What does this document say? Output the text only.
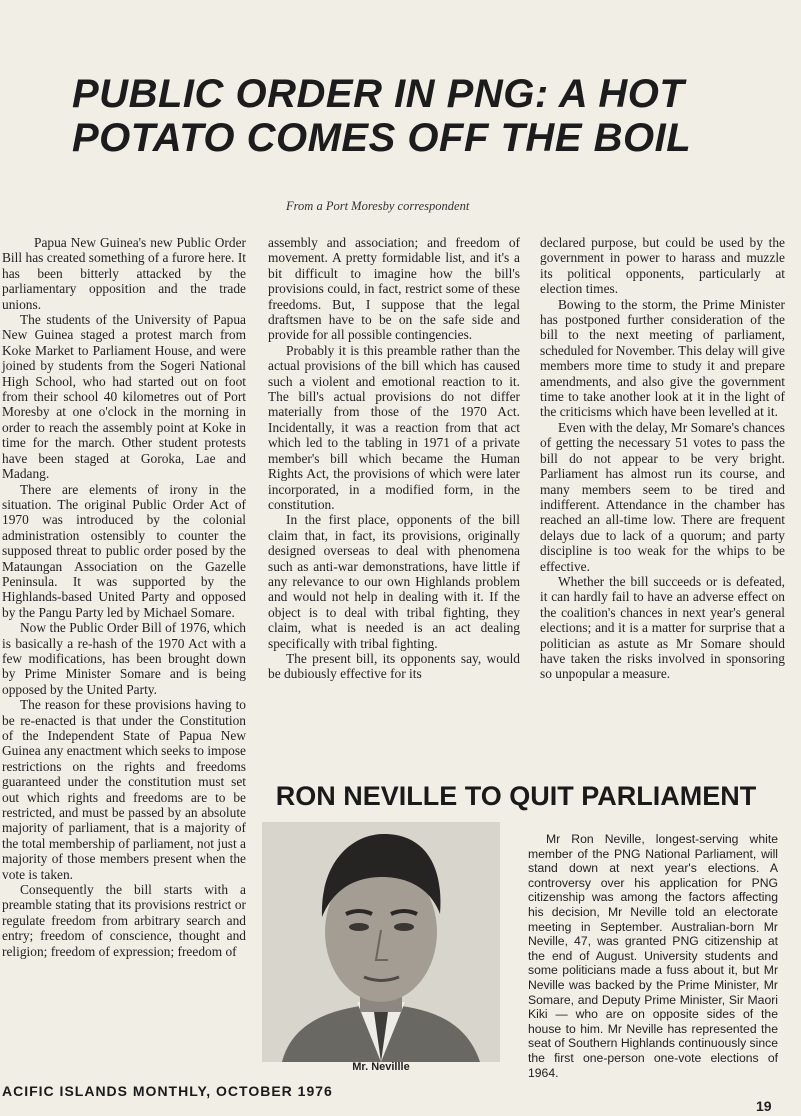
PUBLIC ORDER IN PNG: A HOT POTATO COMES OFF THE BOIL
From a Port Moresby correspondent

Papua New Guinea's new Public Order Bill has created something of a furore here. It has been bitterly attacked by the parliamentary opposition and the trade unions.

The students of the University of Papua New Guinea staged a protest march from Koke Market to Parliament House, and were joined by students from the Sogeri National High School, who had started out on foot from their school 40 kilometres out of Port Moresby at one o'clock in the morning in order to reach the assembly point at Koke in time for the march. Other student protests have been staged at Goroka, Lae and Madang.

There are elements of irony in the situation. The original Public Order Act of 1970 was introduced by the colonial administration ostensibly to counter the supposed threat to public order posed by the Mataungan Association on the Gazelle Peninsula. It was supported by the Highlands-based United Party and opposed by the Pangu Party led by Michael Somare.

Now the Public Order Bill of 1976, which is basically a re-hash of the 1970 Act with a few modifications, has been brought down by Prime Minister Somare and is being opposed by the United Party.

The reason for these provisions having to be re-enacted is that under the Constitution of the Independent State of Papua New Guinea any enactment which seeks to impose restrictions on the rights and freedoms guaranteed under the constitution must set out which rights and freedoms are to be restricted, and must be passed by an absolute majority of parliament, that is a majority of the total membership of parliament, not just a majority of those members present when the vote is taken.

Consequently the bill starts with a preamble stating that its provisions restrict or regulate freedom from arbitrary search and entry; freedom of conscience, thought and religion; freedom of expression; freedom of

assembly and association; and freedom of movement. A pretty formidable list, and it's a bit difficult to imagine how the bill's provisions could, in fact, restrict some of these freedoms. But, I suppose that the legal draftsmen have to be on the safe side and provide for all possible contingencies.

Probably it is this preamble rather than the actual provisions of the bill which has caused such a violent and emotional reaction to it. The bill's actual provisions do not differ materially from those of the 1970 Act. Incidentally, it was a reaction from that act which led to the tabling in 1971 of a private member's bill which became the Human Rights Act, the provisions of which were later incorporated, in a modified form, in the constitution.

In the first place, opponents of the bill claim that, in fact, its provisions, originally designed overseas to deal with phenomena such as anti-war demonstrations, have little if any relevance to our own Highlands problem and would not help in dealing with it. If the object is to deal with tribal fighting, they claim, what is needed is an act dealing specifically with tribal fighting.

The present bill, its opponents say, would be dubiously effective for its

declared purpose, but could be used by the government in power to harass and muzzle its political opponents, particularly at election times.

Bowing to the storm, the Prime Minister has postponed further consideration of the bill to the next meeting of parliament, scheduled for November. This delay will give members more time to study it and prepare amendments, and also give the government time to take another look at it in the light of the criticisms which have been levelled at it.

Even with the delay, Mr Somare's chances of getting the necessary 51 votes to pass the bill do not appear to be very bright. Parliament has almost run its course, and many members seem to be tired and indifferent. Attendance in the chamber has reached an all-time low. There are frequent delays due to lack of a quorum; and party discipline is too weak for the whips to be effective.

Whether the bill succeeds or is defeated, it can hardly fail to have an adverse effect on the coalition's chances in next year's general elections; and it is a matter for surprise that a politician as astute as Mr Somare should have taken the risks involved in sponsoring so unpopular a measure.

RON NEVILLE TO QUIT PARLIAMENT
Mr. Nevillle

Mr Ron Neville, longest-serving white member of the PNG National Parliament, will stand down at next year's elections. A controversy over his application for PNG citizenship was among the factors affecting his decision, Mr Neville told an electorate meeting in September. Australian-born Mr Neville, 47, was granted PNG citizenship at the end of August. University students and some politicians made a fuss about it, but Mr Neville was backed by the Prime Minister, Mr Somare, and Deputy Prime Minister, Sir Maori Kiki — who are on opposite sides of the house to him. Mr Neville has represented the seat of Southern Highlands continuously since the first one-person one-vote elections of 1964.

ACIFIC ISLANDS MONTHLY, OCTOBER 1976
19
